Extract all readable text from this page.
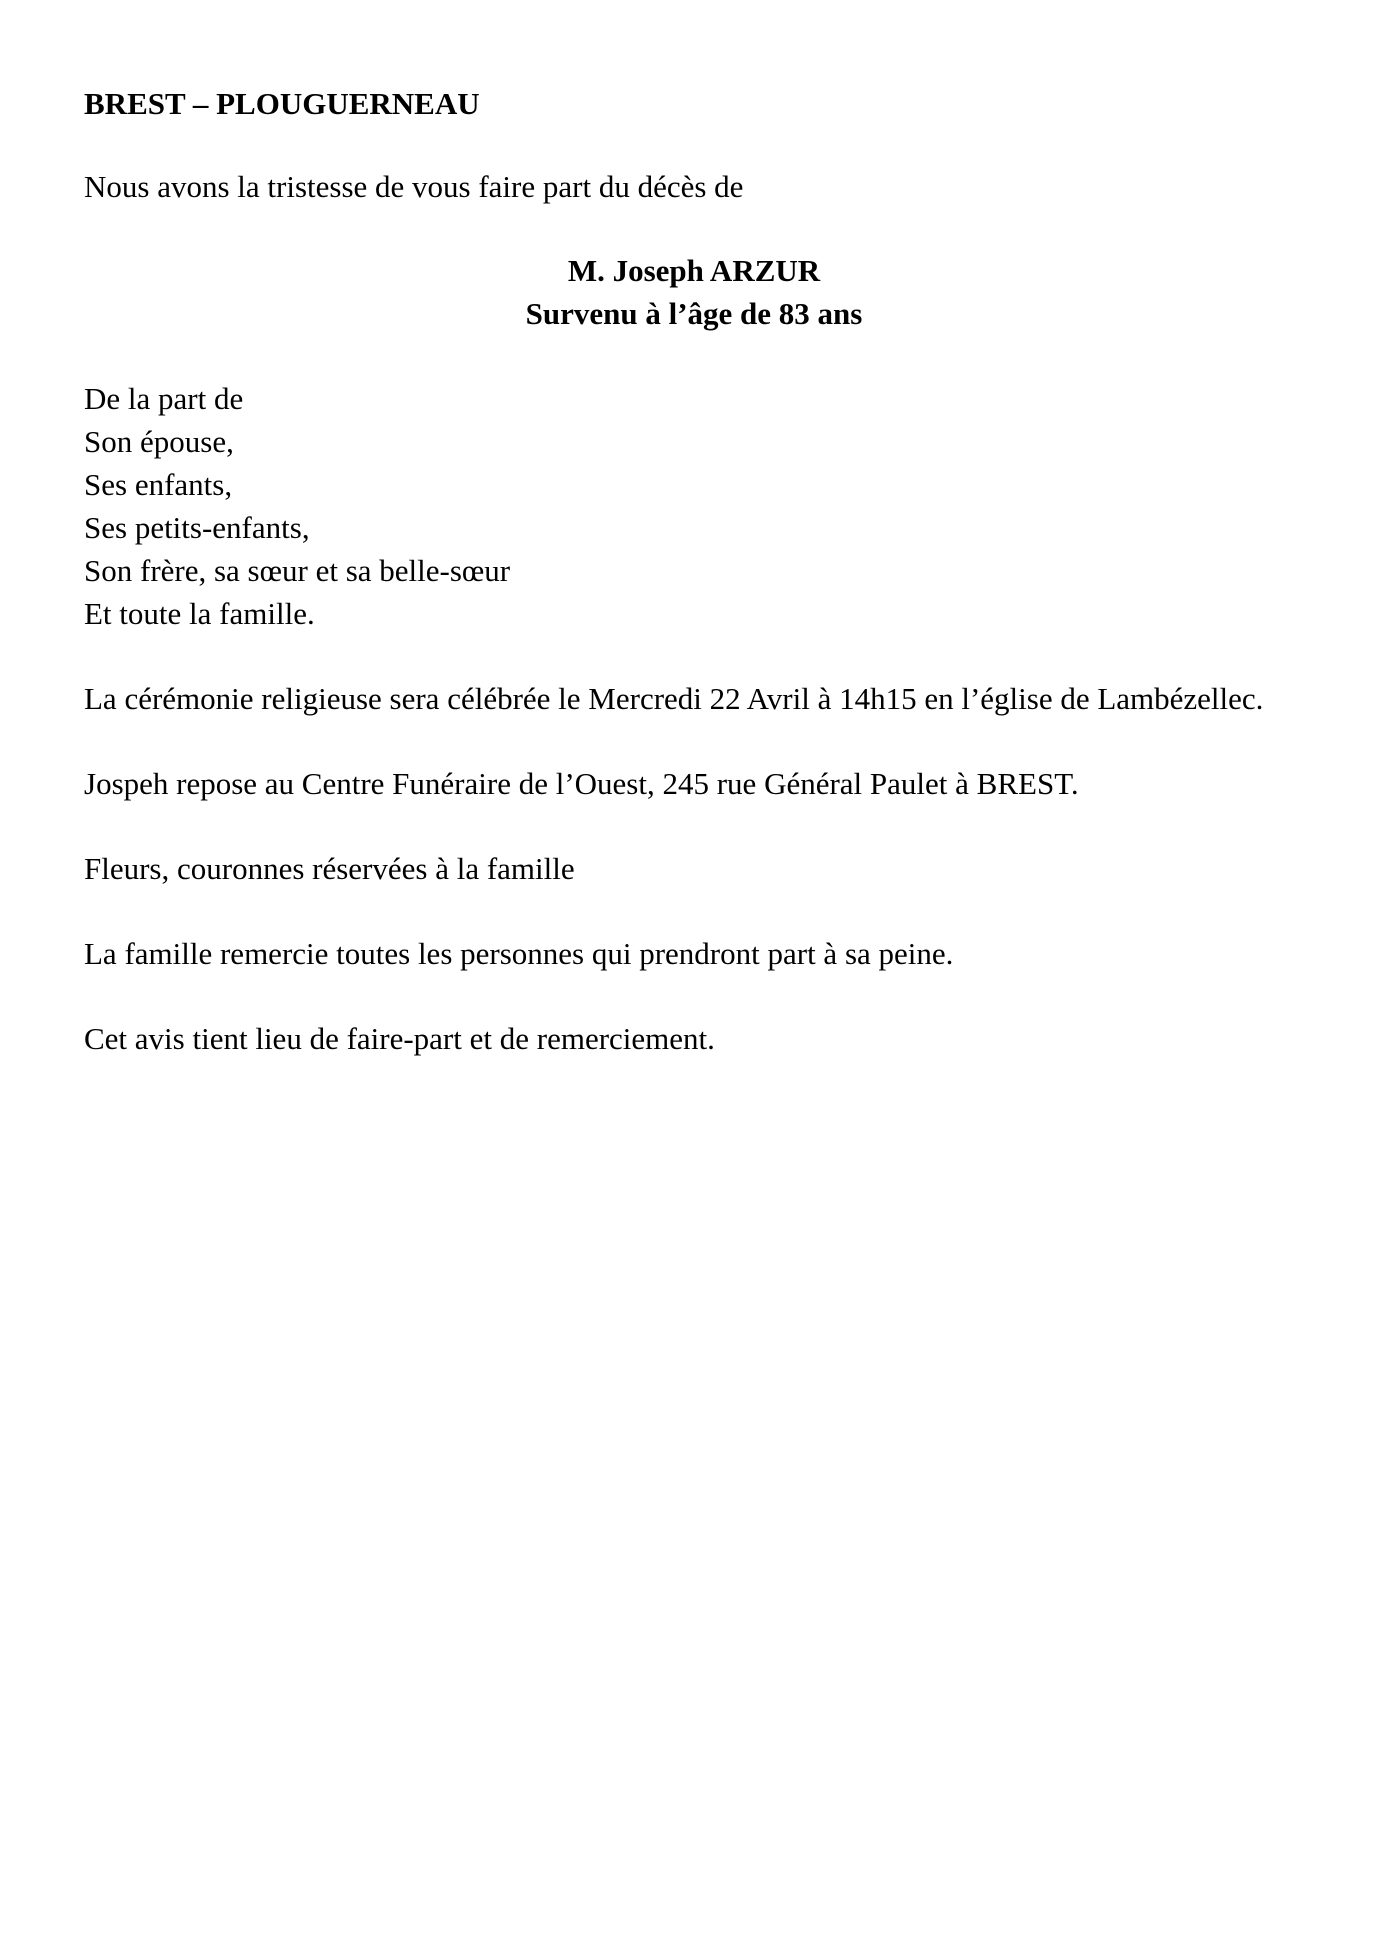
BREST – PLOUGUERNEAU

Nous avons la tristesse de vous faire part du décès de

M. Joseph ARZUR
Survenu à l’âge de 83 ans
De la part de
Son épouse,
Ses enfants,
Ses petits-enfants,
Son frère, sa sœur et sa belle-sœur
Et toute la famille.

La cérémonie religieuse sera célébrée le Mercredi 22 Avril à 14h15 en l’église de Lambézellec.

Jospeh repose au Centre Funéraire de l’Ouest, 245 rue Général Paulet à BREST.

Fleurs, couronnes réservées à la famille

La famille remercie toutes les personnes qui prendront part à sa peine.

Cet avis tient lieu de faire-part et de remerciement.
